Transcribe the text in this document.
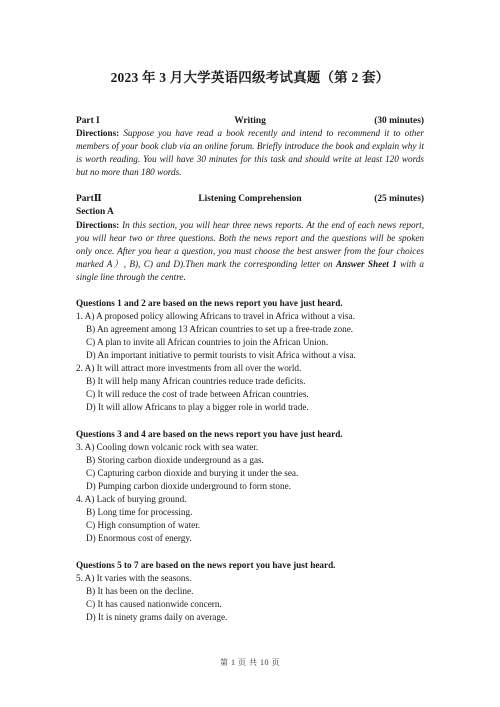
2023 年 3 月大学英语四级考试真题（第 2 套）
Part I	Writing	(30 minutes)
Directions: Suppose you have read a book recently and intend to recommend it to other members of your book club via an online forum. Briefly introduce the book and explain why it is worth reading. You will have 30 minutes for this task and should write at least 120 words but no more than 180 words.
PartⅡ	Listening Comprehension	(25 minutes)
Section A
Directions: In this section, you will hear three news reports. At the end of each news report, you will hear two or three questions. Both the news report and the questions will be spoken only once. After you hear a question, you must choose the best answer from the four choices marked A）, B), C) and D).Then mark the corresponding letter on Answer Sheet 1 with a single line through the centre.
Questions 1 and 2 are based on the news report you have just heard.
1. A) A proposed policy allowing Africans to travel in Africa without a visa.
B) An agreement among 13 African countries to set up a free-trade zone.
C) A plan to invite all African countries to join the African Union.
D) An important initiative to permit tourists to visit Africa without a visa.
2. A) It will attract more investments from all over the world.
B) It will help many African countries reduce trade deficits.
C) It will reduce the cost of trade between African countries.
D) It will allow Africans to play a bigger role in world trade.
Questions 3 and 4 are based on the news report you have just heard.
3. A) Cooling down volcanic rock with sea water.
B) Storing carbon dioxide underground as a gas.
C) Capturing carbon dioxide and burying it under the sea.
D) Pumping carbon dioxide underground to form stone.
4. A) Lack of burying ground.
B) Long time for processing.
C) High consumption of water.
D) Enormous cost of energy.
Questions 5 to 7 are based on the news report you have just heard.
5. A) It varies with the seasons.
B) It has been on the decline.
C) It has caused nationwide concern.
D) It is ninety grams daily on average.
第 1 页 共 10 页
